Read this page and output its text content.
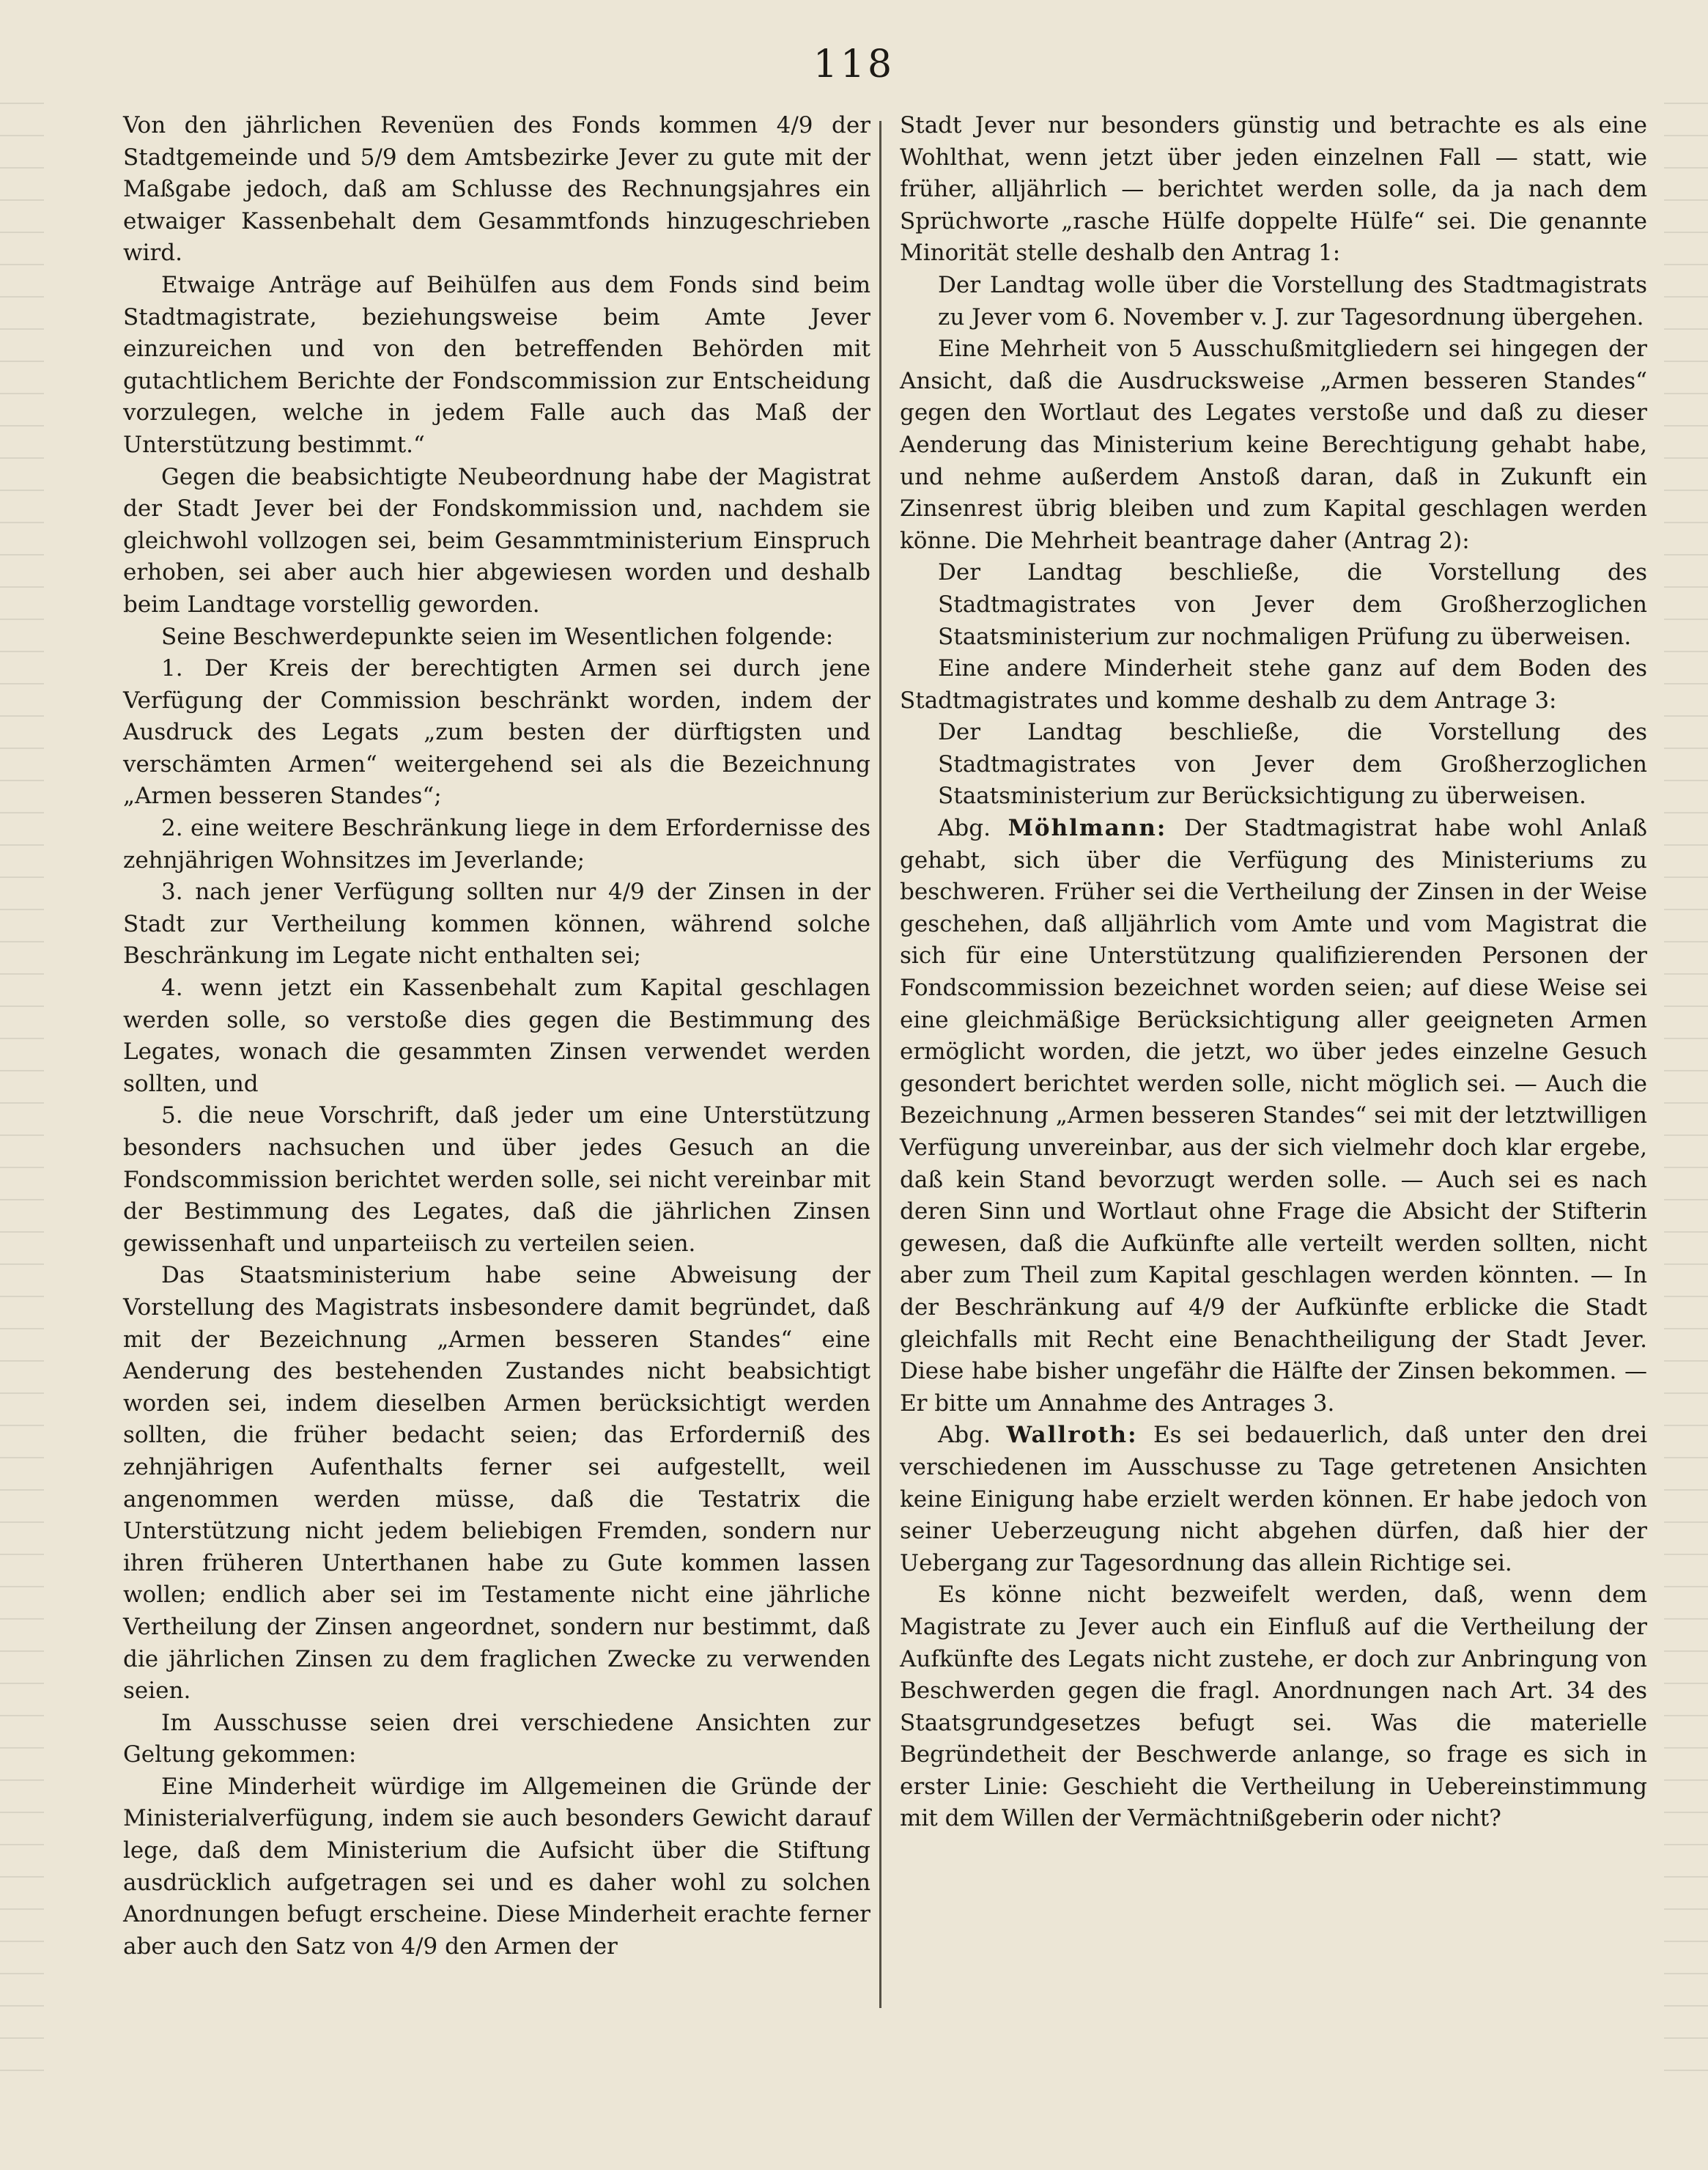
118

Von den jährlichen Revenüen des Fonds kommen 4/9 der Stadtgemeinde und 5/9 dem Amtsbezirke Jever zu gute mit der Maßgabe jedoch, daß am Schlusse des Rechnungsjahres ein etwaiger Kassenbehalt dem Gesammtfonds hinzugeschrieben wird.

Etwaige Anträge auf Beihülfen aus dem Fonds sind beim Stadtmagistrate, beziehungsweise beim Amte Jever einzureichen und von den betreffenden Behörden mit gutachtlichem Berichte der Fondscommission zur Entscheidung vorzulegen, welche in jedem Falle auch das Maß der Unterstützung bestimmt.“

Gegen die beabsichtigte Neubeordnung habe der Magistrat der Stadt Jever bei der Fondskommission und, nachdem sie gleichwohl vollzogen sei, beim Gesammtministerium Einspruch erhoben, sei aber auch hier abgewiesen worden und deshalb beim Landtage vorstellig geworden.

Seine Beschwerdepunkte seien im Wesentlichen folgende:

1. Der Kreis der berechtigten Armen sei durch jene Verfügung der Commission beschränkt worden, indem der Ausdruck des Legats „zum besten der dürftigsten und verschämten Armen“ weitergehend sei als die Bezeichnung „Armen besseren Standes“;

2. eine weitere Beschränkung liege in dem Erfordernisse des zehnjährigen Wohnsitzes im Jeverlande;

3. nach jener Verfügung sollten nur 4/9 der Zinsen in der Stadt zur Vertheilung kommen können, während solche Beschränkung im Legate nicht enthalten sei;

4. wenn jetzt ein Kassenbehalt zum Kapital geschlagen werden solle, so verstoße dies gegen die Bestimmung des Legates, wonach die gesammten Zinsen verwendet werden sollten, und

5. die neue Vorschrift, daß jeder um eine Unterstützung besonders nachsuchen und über jedes Gesuch an die Fondscommission berichtet werden solle, sei nicht vereinbar mit der Bestimmung des Legates, daß die jährlichen Zinsen gewissenhaft und unparteiisch zu verteilen seien.

Das Staatsministerium habe seine Abweisung der Vorstellung des Magistrats insbesondere damit begründet, daß mit der Bezeichnung „Armen besseren Standes“ eine Aenderung des bestehenden Zustandes nicht beabsichtigt worden sei, indem dieselben Armen berücksichtigt werden sollten, die früher bedacht seien; das Erforderniß des zehnjährigen Aufenthalts ferner sei aufgestellt, weil angenommen werden müsse, daß die Testatrix die Unterstützung nicht jedem beliebigen Fremden, sondern nur ihren früheren Unterthanen habe zu Gute kommen lassen wollen; endlich aber sei im Testamente nicht eine jährliche Vertheilung der Zinsen angeordnet, sondern nur bestimmt, daß die jährlichen Zinsen zu dem fraglichen Zwecke zu verwenden seien.

Im Ausschusse seien drei verschiedene Ansichten zur Geltung gekommen:

Eine Minderheit würdige im Allgemeinen die Gründe der Ministerialverfügung, indem sie auch besonders Gewicht darauf lege, daß dem Ministerium die Aufsicht über die Stiftung ausdrücklich aufgetragen sei und es daher wohl zu solchen Anordnungen befugt erscheine. Diese Minderheit erachte ferner aber auch den Satz von 4/9 den Armen der

Stadt Jever nur besonders günstig und betrachte es als eine Wohlthat, wenn jetzt über jeden einzelnen Fall — statt, wie früher, alljährlich — berichtet werden solle, da ja nach dem Sprüchworte „rasche Hülfe doppelte Hülfe“ sei. Die genannte Minorität stelle deshalb den Antrag 1:

Der Landtag wolle über die Vorstellung des Stadtmagistrats zu Jever vom 6. November v. J. zur Tagesordnung übergehen.

Eine Mehrheit von 5 Ausschußmitgliedern sei hingegen der Ansicht, daß die Ausdrucksweise „Armen besseren Standes“ gegen den Wortlaut des Legates verstoße und daß zu dieser Aenderung das Ministerium keine Berechtigung gehabt habe, und nehme außerdem Anstoß daran, daß in Zukunft ein Zinsenrest übrig bleiben und zum Kapital geschlagen werden könne. Die Mehrheit beantrage daher (Antrag 2):

Der Landtag beschließe, die Vorstellung des Stadtmagistrates von Jever dem Großherzoglichen Staatsministerium zur nochmaligen Prüfung zu überweisen.

Eine andere Minderheit stehe ganz auf dem Boden des Stadtmagistrates und komme deshalb zu dem Antrage 3:

Der Landtag beschließe, die Vorstellung des Stadtmagistrates von Jever dem Großherzoglichen Staatsministerium zur Berücksichtigung zu überweisen.

Abg. Möhlmann: Der Stadtmagistrat habe wohl Anlaß gehabt, sich über die Verfügung des Ministeriums zu beschweren. Früher sei die Vertheilung der Zinsen in der Weise geschehen, daß alljährlich vom Amte und vom Magistrat die sich für eine Unterstützung qualifizierenden Personen der Fondscommission bezeichnet worden seien; auf diese Weise sei eine gleichmäßige Berücksichtigung aller geeigneten Armen ermöglicht worden, die jetzt, wo über jedes einzelne Gesuch gesondert berichtet werden solle, nicht möglich sei. — Auch die Bezeichnung „Armen besseren Standes“ sei mit der letztwilligen Verfügung unvereinbar, aus der sich vielmehr doch klar ergebe, daß kein Stand bevorzugt werden solle. — Auch sei es nach deren Sinn und Wortlaut ohne Frage die Absicht der Stifterin gewesen, daß die Aufkünfte alle verteilt werden sollten, nicht aber zum Theil zum Kapital geschlagen werden könnten. — In der Beschränkung auf 4/9 der Aufkünfte erblicke die Stadt gleichfalls mit Recht eine Benachtheiligung der Stadt Jever. Diese habe bisher ungefähr die Hälfte der Zinsen bekommen. — Er bitte um Annahme des Antrages 3.

Abg. Wallroth: Es sei bedauerlich, daß unter den drei verschiedenen im Ausschusse zu Tage getretenen Ansichten keine Einigung habe erzielt werden können. Er habe jedoch von seiner Ueberzeugung nicht abgehen dürfen, daß hier der Uebergang zur Tagesordnung das allein Richtige sei.

Es könne nicht bezweifelt werden, daß, wenn dem Magistrate zu Jever auch ein Einfluß auf die Vertheilung der Aufkünfte des Legats nicht zustehe, er doch zur Anbringung von Beschwerden gegen die fragl. Anordnungen nach Art. 34 des Staatsgrundgesetzes befugt sei. Was die materielle Begründetheit der Beschwerde anlange, so frage es sich in erster Linie: Geschieht die Vertheilung in Uebereinstimmung mit dem Willen der Vermächtnißgeberin oder nicht?
